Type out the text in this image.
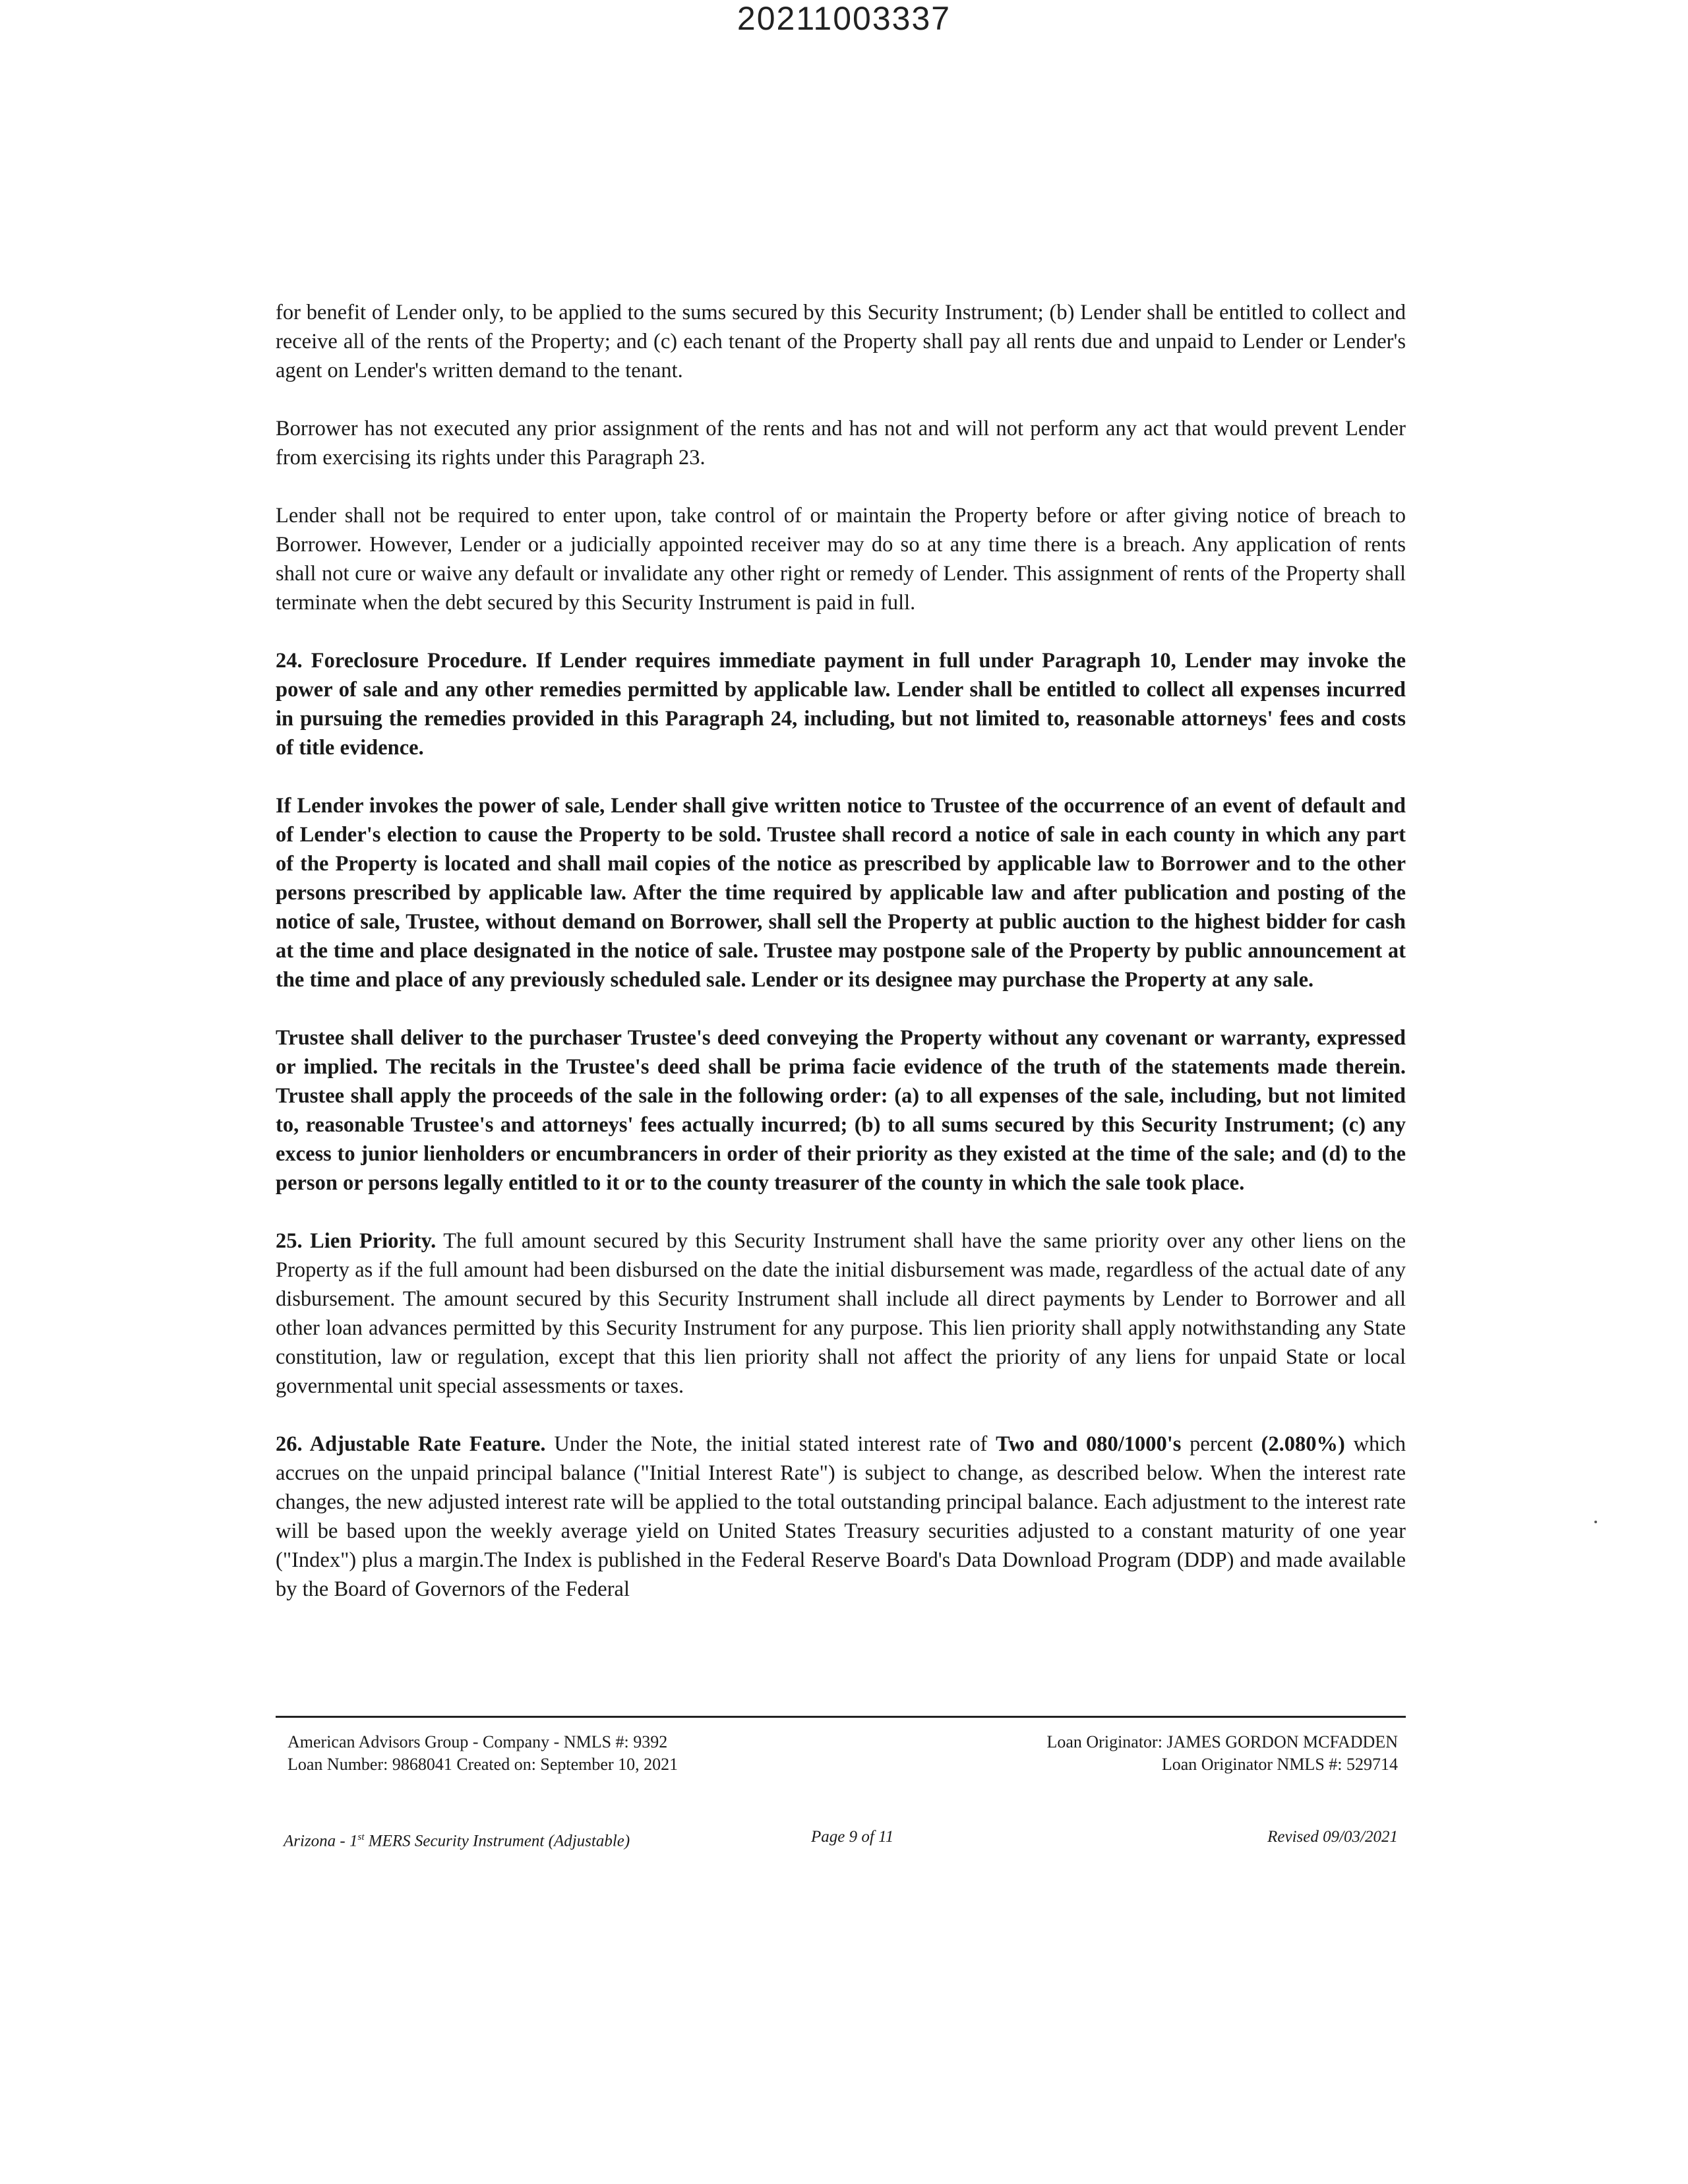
20211003337

for benefit of Lender only, to be applied to the sums secured by this Security Instrument; (b) Lender shall be entitled to collect and receive all of the rents of the Property; and (c) each tenant of the Property shall pay all rents due and unpaid to Lender or Lender's agent on Lender's written demand to the tenant.

Borrower has not executed any prior assignment of the rents and has not and will not perform any act that would prevent Lender from exercising its rights under this Paragraph 23.

Lender shall not be required to enter upon, take control of or maintain the Property before or after giving notice of breach to Borrower. However, Lender or a judicially appointed receiver may do so at any time there is a breach. Any application of rents shall not cure or waive any default or invalidate any other right or remedy of Lender. This assignment of rents of the Property shall terminate when the debt secured by this Security Instrument is paid in full.

24. Foreclosure Procedure. If Lender requires immediate payment in full under Paragraph 10, Lender may invoke the power of sale and any other remedies permitted by applicable law. Lender shall be entitled to collect all expenses incurred in pursuing the remedies provided in this Paragraph 24, including, but not limited to, reasonable attorneys' fees and costs of title evidence.

If Lender invokes the power of sale, Lender shall give written notice to Trustee of the occurrence of an event of default and of Lender's election to cause the Property to be sold. Trustee shall record a notice of sale in each county in which any part of the Property is located and shall mail copies of the notice as prescribed by applicable law to Borrower and to the other persons prescribed by applicable law. After the time required by applicable law and after publication and posting of the notice of sale, Trustee, without demand on Borrower, shall sell the Property at public auction to the highest bidder for cash at the time and place designated in the notice of sale. Trustee may postpone sale of the Property by public announcement at the time and place of any previously scheduled sale. Lender or its designee may purchase the Property at any sale.

Trustee shall deliver to the purchaser Trustee's deed conveying the Property without any covenant or warranty, expressed or implied. The recitals in the Trustee's deed shall be prima facie evidence of the truth of the statements made therein. Trustee shall apply the proceeds of the sale in the following order: (a) to all expenses of the sale, including, but not limited to, reasonable Trustee's and attorneys' fees actually incurred; (b) to all sums secured by this Security Instrument; (c) any excess to junior lienholders or encumbrancers in order of their priority as they existed at the time of the sale; and (d) to the person or persons legally entitled to it or to the county treasurer of the county in which the sale took place.

25. Lien Priority. The full amount secured by this Security Instrument shall have the same priority over any other liens on the Property as if the full amount had been disbursed on the date the initial disbursement was made, regardless of the actual date of any disbursement. The amount secured by this Security Instrument shall include all direct payments by Lender to Borrower and all other loan advances permitted by this Security Instrument for any purpose. This lien priority shall apply notwithstanding any State constitution, law or regulation, except that this lien priority shall not affect the priority of any liens for unpaid State or local governmental unit special assessments or taxes.

26. Adjustable Rate Feature. Under the Note, the initial stated interest rate of Two and 080/1000's percent (2.080%) which accrues on the unpaid principal balance ("Initial Interest Rate") is subject to change, as described below. When the interest rate changes, the new adjusted interest rate will be applied to the total outstanding principal balance. Each adjustment to the interest rate will be based upon the weekly average yield on United States Treasury securities adjusted to a constant maturity of one year ("Index") plus a margin.The Index is published in the Federal Reserve Board's Data Download Program (DDP) and made available by the Board of Governors of the Federal

American Advisors Group - Company - NMLS #: 9392
Loan Number: 9868041 Created on: September 10, 2021
Loan Originator: JAMES GORDON MCFADDEN
Loan Originator NMLS #: 529714
Arizona - 1st MERS Security Instrument (Adjustable)	Page 9 of 11	Revised 09/03/2021
